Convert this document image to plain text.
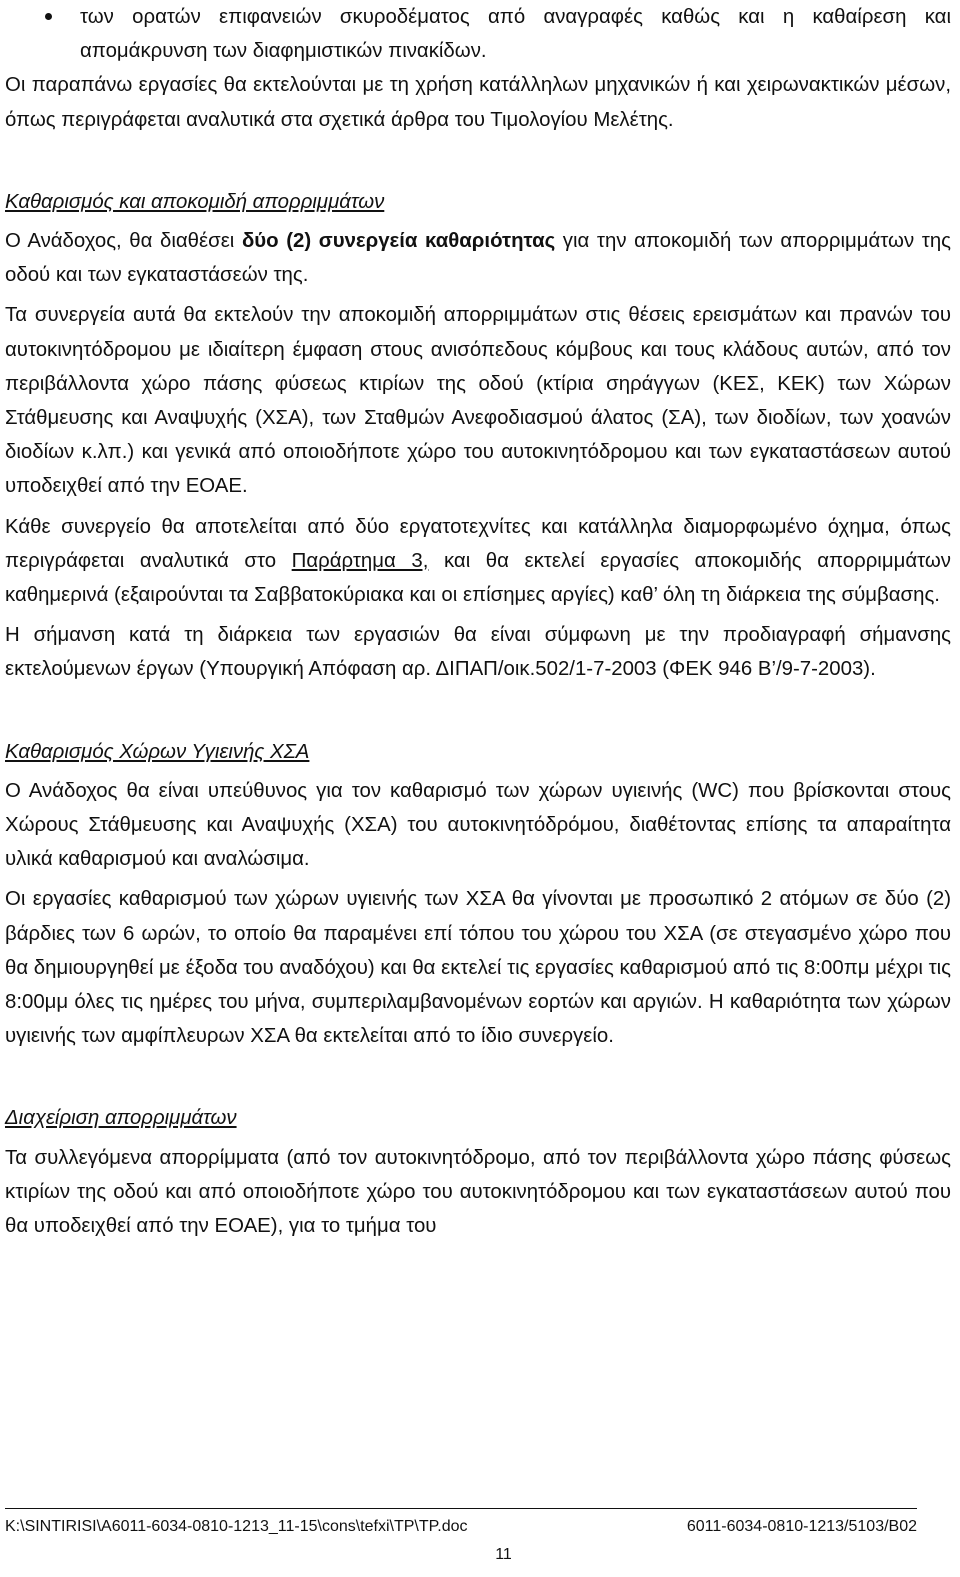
των ορατών επιφανειών σκυροδέματος από αναγραφές καθώς και η καθαίρεση και απομάκρυνση των διαφημιστικών πινακίδων.

Οι παραπάνω εργασίες θα εκτελούνται με τη χρήση κατάλληλων μηχανικών ή και χειρωνακτικών μέσων, όπως περιγράφεται αναλυτικά στα σχετικά άρθρα του Τιμολογίου Μελέτης.

Καθαρισμός και αποκομιδή απορριμμάτων

Ο Ανάδοχος, θα διαθέσει δύο (2) συνεργεία καθαριότητας για την αποκομιδή των απορριμμάτων της οδού και των εγκαταστάσεών της.

Τα συνεργεία αυτά θα εκτελούν την αποκομιδή απορριμμάτων στις θέσεις ερεισμάτων και πρανών του αυτοκινητόδρομου με ιδιαίτερη έμφαση στους ανισόπεδους κόμβους και τους κλάδους αυτών, από τον περιβάλλοντα χώρο πάσης φύσεως κτιρίων της οδού (κτίρια σηράγγων (ΚΕΣ, ΚΕΚ) των Χώρων Στάθμευσης και Αναψυχής (ΧΣΑ), των Σταθμών Ανεφοδιασμού άλατος (ΣΑ), των διοδίων, των χοανών διοδίων κ.λπ.) και γενικά από οποιοδήποτε χώρο του αυτοκινητόδρομου και των εγκαταστάσεων αυτού υποδειχθεί από την ΕΟΑΕ.

Κάθε συνεργείο θα αποτελείται από δύο εργατοτεχνίτες και κατάλληλα διαμορφωμένο όχημα, όπως περιγράφεται αναλυτικά στο Παράρτημα 3, και θα εκτελεί εργασίες αποκομιδής απορριμμάτων καθημερινά (εξαιρούνται τα Σαββατοκύριακα και οι επίσημες αργίες) καθ’ όλη τη διάρκεια της σύμβασης.

Η σήμανση κατά τη διάρκεια των εργασιών θα είναι σύμφωνη με την προδιαγραφή σήμανσης εκτελούμενων έργων (Υπουργική Απόφαση αρ. ΔΙΠΑΠ/οικ.502/1-7-2003 (ΦΕΚ 946 Β’/9-7-2003).

Καθαρισμός Χώρων Υγιεινής ΧΣΑ

Ο Ανάδοχος θα είναι υπεύθυνος για τον καθαρισμό των χώρων υγιεινής (WC) που βρίσκονται στους Χώρους Στάθμευσης και Αναψυχής (ΧΣΑ) του αυτοκινητόδρόμου, διαθέτοντας επίσης τα απαραίτητα υλικά καθαρισμού και αναλώσιμα.

Οι εργασίες καθαρισμού των χώρων υγιεινής των ΧΣΑ θα γίνονται με προσωπικό 2 ατόμων σε δύο (2) βάρδιες των 6 ωρών, το οποίο θα παραμένει επί τόπου του χώρου του ΧΣΑ (σε στεγασμένο χώρο που θα δημιουργηθεί με έξοδα του αναδόχου) και θα εκτελεί τις εργασίες καθαρισμού από τις 8:00πμ μέχρι τις 8:00μμ όλες τις ημέρες του μήνα, συμπεριλαμβανομένων εορτών και αργιών. Η καθαριότητα των χώρων υγιεινής των αμφίπλευρων ΧΣΑ θα εκτελείται από το ίδιο συνεργείο.

Διαχείριση απορριμμάτων

Τα συλλεγόμενα απορρίμματα (από τον αυτοκινητόδρομο, από τον περιβάλλοντα χώρο πάσης φύσεως κτιρίων της οδού και από οποιοδήποτε χώρο του αυτοκινητόδρομου και των εγκαταστάσεων αυτού που θα υποδειχθεί από την ΕΟΑΕ), για το τμήμα του

K:\SINTIRISI\A6011-6034-0810-1213_11-15\cons\tefxi\TP\TP.doc	6011-6034-0810-1213/5103/B02
11
